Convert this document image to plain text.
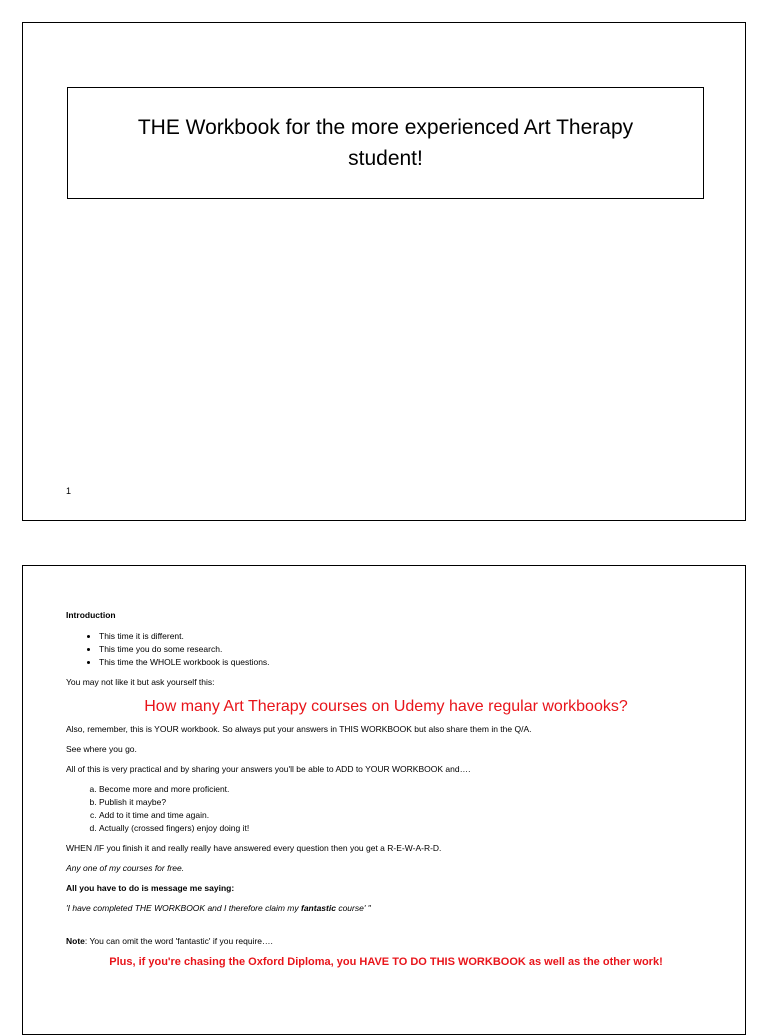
THE Workbook for the more experienced Art Therapy student!
1

Introduction

• This time it is different.
• This time you do some research.
• This time the WHOLE workbook is questions.

You may not like it but ask yourself this:

How many Art Therapy courses on Udemy have regular workbooks?

Also, remember, this is YOUR workbook. So always put your answers in THIS WORKBOOK but also share them in the Q/A.

See where you go.

All of this is very practical and by sharing your answers you'll be able to ADD to YOUR WORKBOOK and….

a. Become more and more proficient.
b. Publish it maybe?
c. Add to it time and time again.
d. Actually (crossed fingers) enjoy doing it!

WHEN /IF you finish it and really really have answered every question then you get a R-E-W-A-R-D.

Any one of my courses for free.

All you have to do is message me saying:

'I have completed THE WORKBOOK and I therefore claim my fantastic course' "

Note: You can omit the word 'fantastic' if you require….

Plus, if you're chasing the Oxford Diploma, you HAVE TO DO THIS WORKBOOK as well as the other work!
